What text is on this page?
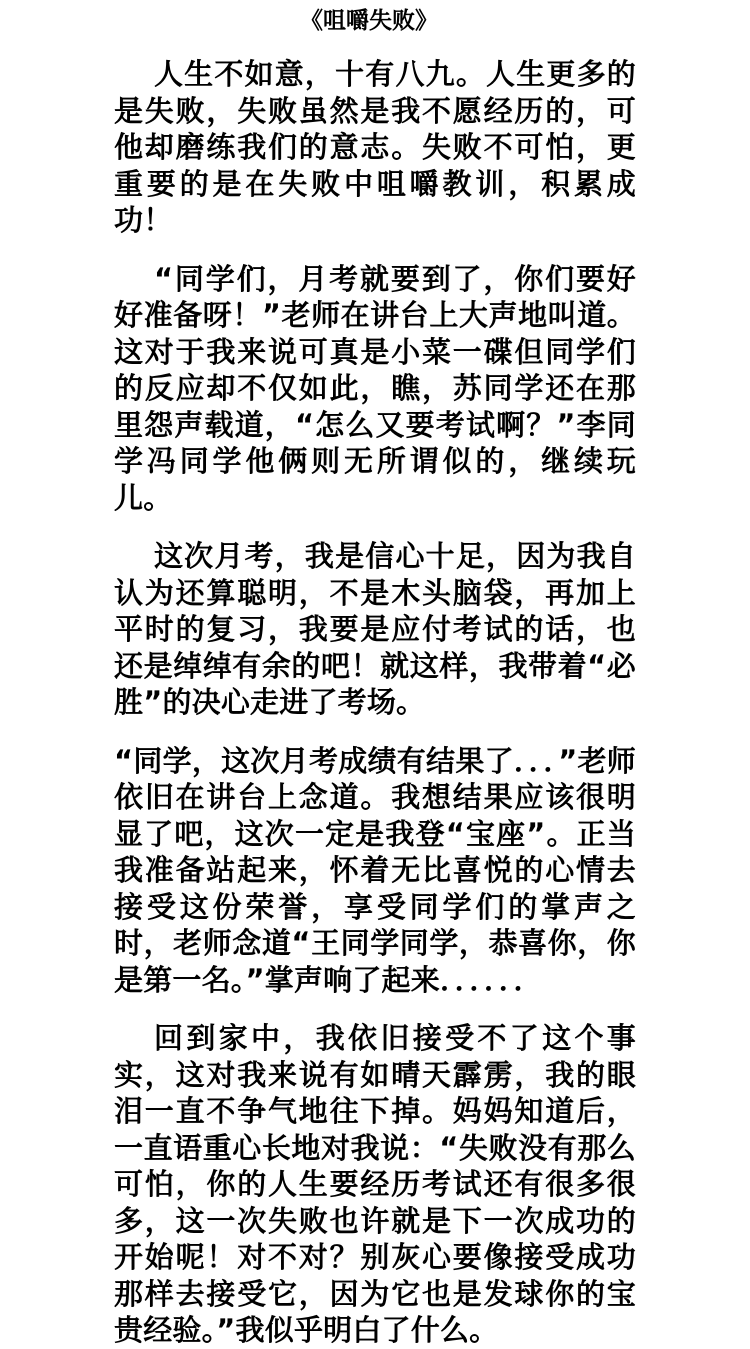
《咀嚼失败》

人生不如意，十有八九。人生更多的是失败，失败虽然是我不愿经历的，可他却磨练我们的意志。失败不可怕，更重要的是在失败中咀嚼教训，积累成功！

“同学们，月考就要到了，你们要好好准备呀！”老师在讲台上大声地叫道。这对于我来说可真是小菜一碟但同学们的反应却不仅如此，瞧，苏同学还在那里怨声载道，“怎么又要考试啊？”李同学冯同学他俩则无所谓似的，继续玩儿。

这次月考，我是信心十足，因为我自认为还算聪明，不是木头脑袋，再加上平时的复习，我要是应付考试的话，也还是绰绰有余的吧！就这样，我带着“必胜”的决心走进了考场。

“同学，这次月考成绩有结果了．．．”老师依旧在讲台上念道。我想结果应该很明显了吧，这次一定是我登“宝座”。正当我准备站起来，怀着无比喜悦的心情去接受这份荣誉，享受同学们的掌声之时，老师念道“王同学同学，恭喜你，你是第一名。”掌声响了起来．．．．．．

回到家中，我依旧接受不了这个事实，这对我来说有如晴天霹雳，我的眼泪一直不争气地往下掉。妈妈知道后，一直语重心长地对我说：“失败没有那么可怕，你的人生要经历考试还有很多很多，这一次失败也许就是下一次成功的开始呢！对不对？别灰心要像接受成功那样去接受它，因为它也是发球你的宝贵经验。”我似乎明白了什么。
